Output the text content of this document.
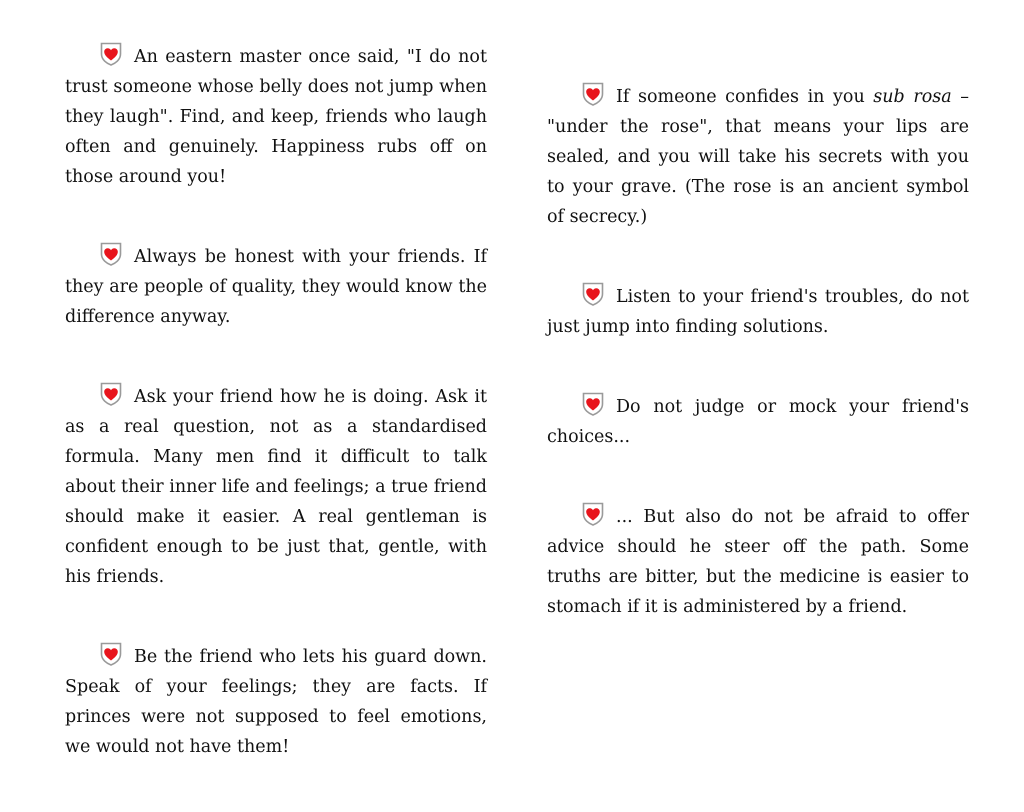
An eastern master once said, "I do not trust someone whose belly does not jump when they laugh". Find, and keep, friends who laugh often and genuinely. Happiness rubs off on those around you!

Always be honest with your friends. If they are people of quality, they would know the difference anyway.

Ask your friend how he is doing. Ask it as a real question, not as a standardised formula. Many men find it difficult to talk about their inner life and feelings; a true friend should make it easier. A real gentleman is confident enough to be just that, gentle, with his friends.

Be the friend who lets his guard down. Speak of your feelings; they are facts. If princes were not supposed to feel emotions, we would not have them!

If someone confides in you sub rosa – "under the rose", that means your lips are sealed, and you will take his secrets with you to your grave. (The rose is an ancient symbol of secrecy.)

Listen to your friend's troubles, do not just jump into finding solutions.

Do not judge or mock your friend's choices...

... But also do not be afraid to offer advice should he steer off the path. Some truths are bitter, but the medicine is easier to stomach if it is administered by a friend.
